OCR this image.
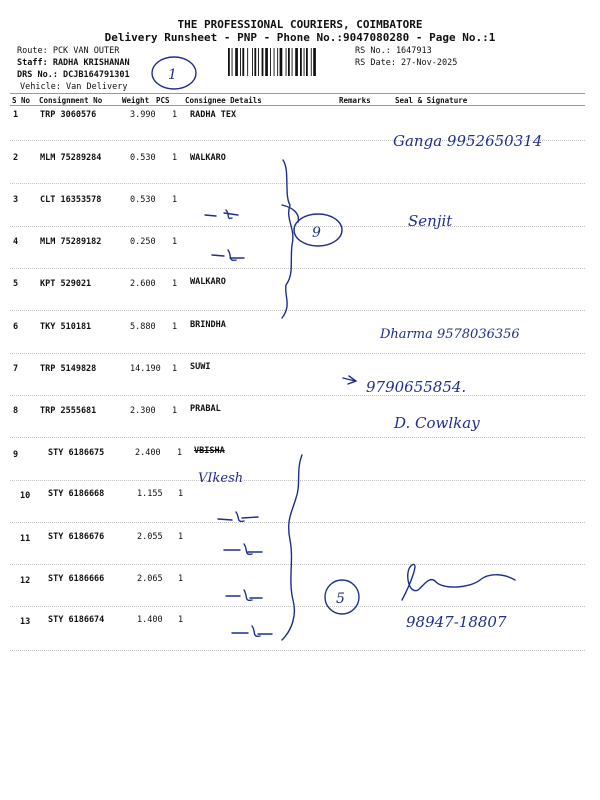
THE PROFESSIONAL COURIERS, COIMBATORE
Delivery Runsheet - PNP - Phone No.:9047080280 - Page No.:1
Route: PCK VAN OUTER
Staff: RADHA KRISHANAN
DRS No.: DCJB164791301
Vehicle: Van Delivery
RS No.: 1647913
RS Date: 27-Nov-2025
S No Consignment No	Weight PCS Consignee Details	Remarks	Seal & Signature
1	TRP 3060576	3.990 1 RADHA TEX
2	MLM 75289284	0.530 1 WALKARO
3	CLT 16353578	0.530 1
4	MLM 75289182	0.250 1
5	KPT 529021	2.600 1 WALKARO
6	TKY 510181	5.880 1 BRINDHA
7	TRP 5149828	14.190 1 SUWI
8	TRP 2555681	2.300 1 PRABAL
9	STY 6186675	2.400 1 VBISHA
10 STY 6186668	1.155 1
11 STY 6186676	2.055 1
12 STY 6186666	2.065 1
13 STY 6186674	1.400 1
1
9
5
Ganga 9952650314
Senjit
Dharma 9578036356
9790655854.
D. Cowlkay
VIkesh
98947-18807
